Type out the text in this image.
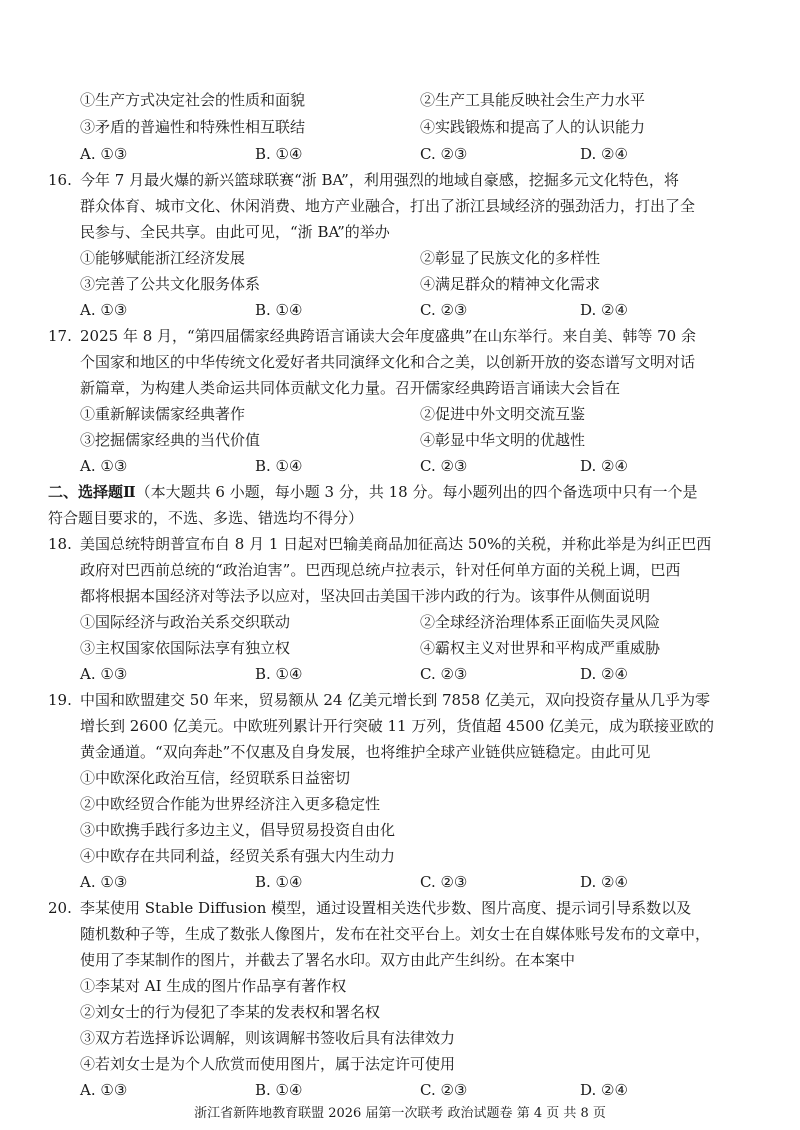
①生产方式决定社会的性质和面貌	②生产工具能反映社会生产力水平
③矛盾的普遍性和特殊性相互联结	④实践锻炼和提高了人的认识能力
A. ①③	B. ①④	C. ②③	D. ②④
16. 今年 7 月最火爆的新兴篮球联赛“浙 BA”，利用强烈的地域自豪感，挖掘多元文化特色，将
群众体育、城市文化、休闲消费、地方产业融合，打出了浙江县域经济的强劲活力，打出了全
民参与、全民共享。由此可见，“浙 BA”的举办
①能够赋能浙江经济发展	②彰显了民族文化的多样性
③完善了公共文化服务体系	④满足群众的精神文化需求
A. ①③	B. ①④	C. ②③	D. ②④
17. 2025 年 8 月，“第四届儒家经典跨语言诵读大会年度盛典”在山东举行。来自美、韩等 70 余
个国家和地区的中华传统文化爱好者共同演绎文化和合之美，以创新开放的姿态谱写文明对话
新篇章，为构建人类命运共同体贡献文化力量。召开儒家经典跨语言诵读大会旨在
①重新解读儒家经典著作	②促进中外文明交流互鉴
③挖掘儒家经典的当代价值	④彰显中华文明的优越性
A. ①③	B. ①④	C. ②③	D. ②④
二、选择题Ⅱ（本大题共 6 小题，每小题 3 分，共 18 分。每小题列出的四个备选项中只有一个是
符合题目要求的，不选、多选、错选均不得分）
18. 美国总统特朗普宣布自 8 月 1 日起对巴输美商品加征高达 50%的关税，并称此举是为纠正巴西
政府对巴西前总统的“政治迫害”。巴西现总统卢拉表示，针对任何单方面的关税上调，巴西
都将根据本国经济对等法予以应对，坚决回击美国干涉内政的行为。该事件从侧面说明
①国际经济与政治关系交织联动	②全球经济治理体系正面临失灵风险
③主权国家依国际法享有独立权	④霸权主义对世界和平构成严重威胁
A. ①③	B. ①④	C. ②③	D. ②④
19. 中国和欧盟建交 50 年来，贸易额从 24 亿美元增长到 7858 亿美元，双向投资存量从几乎为零
增长到 2600 亿美元。中欧班列累计开行突破 11 万列，货值超 4500 亿美元，成为联接亚欧的
黄金通道。“双向奔赴”不仅惠及自身发展，也将维护全球产业链供应链稳定。由此可见
①中欧深化政治互信，经贸联系日益密切
②中欧经贸合作能为世界经济注入更多稳定性
③中欧携手践行多边主义，倡导贸易投资自由化
④中欧存在共同利益，经贸关系有强大内生动力
A. ①③	B. ①④	C. ②③	D. ②④
20. 李某使用 Stable Diffusion 模型，通过设置相关迭代步数、图片高度、提示词引导系数以及
随机数种子等，生成了数张人像图片，发布在社交平台上。刘女士在自媒体账号发布的文章中，
使用了李某制作的图片，并截去了署名水印。双方由此产生纠纷。在本案中
①李某对 AI 生成的图片作品享有著作权
②刘女士的行为侵犯了李某的发表权和署名权
③双方若选择诉讼调解，则该调解书签收后具有法律效力
④若刘女士是为个人欣赏而使用图片，属于法定许可使用
A. ①③	B. ①④	C. ②③	D. ②④
浙江省新阵地教育联盟 2026 届第一次联考 政治试题卷 第 4 页 共 8 页
